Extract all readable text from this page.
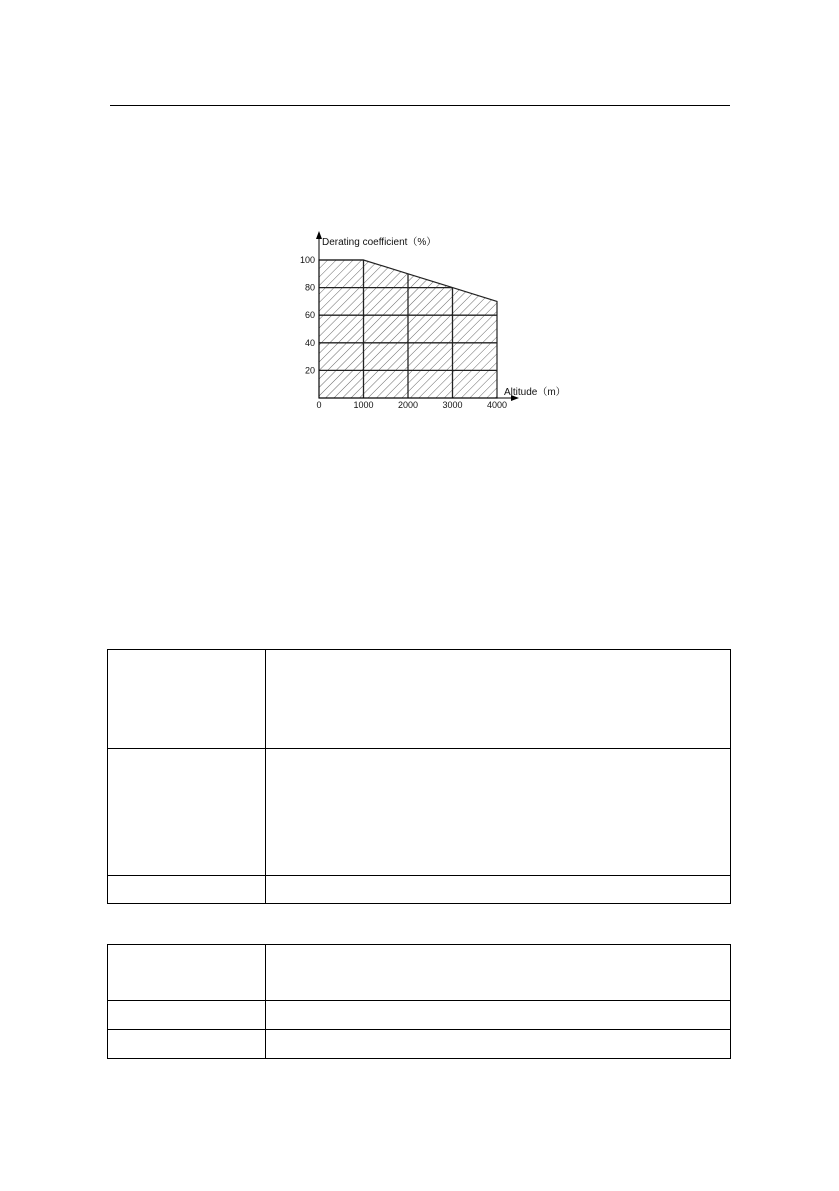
20
40
60
80
100
0	1000	2000	3000	4000
Derating coefficient（%）
Altitude（m）
